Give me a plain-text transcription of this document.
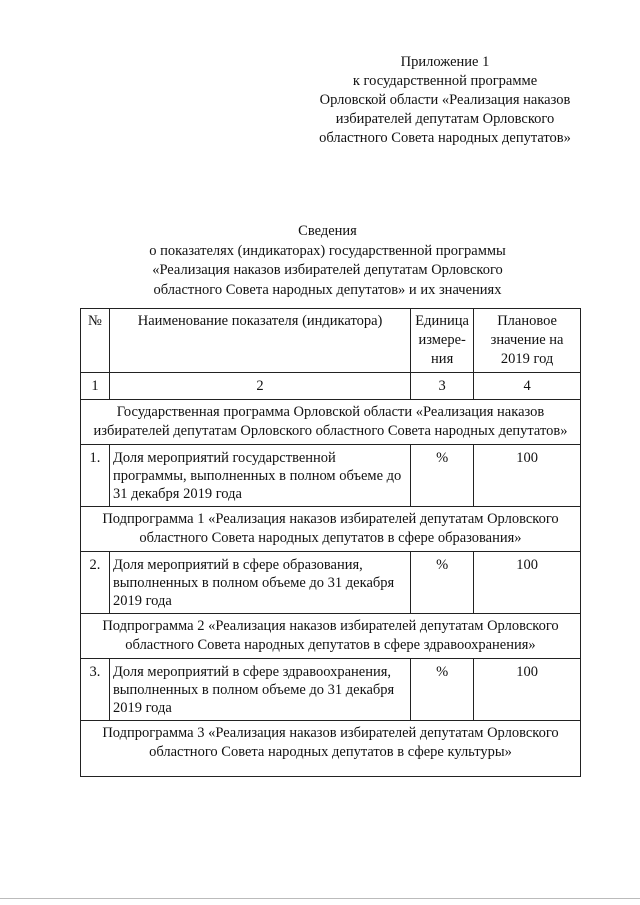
Приложение 1
к государственной программе
Орловской области «Реализация наказов
избирателей депутатам Орловского
областного Совета народных депутатов»
Сведения
о показателях (индикаторах) государственной программы
«Реализация наказов избирателей депутатам Орловского
областного Совета народных депутатов» и их значениях
№	Наименование показателя (индикатора)	Единица измере-ния	Плановое значение на 2019 год
1	2	3	4
Государственная программа Орловской области «Реализация наказов избирателей депутатам Орловского областного Совета народных депутатов»			
1.	Доля мероприятий государственной программы, выполненных в полном объеме до 31 декабря 2019 года	%	100
Подпрограмма 1 «Реализация наказов избирателей депутатам Орловского областного Совета народных депутатов в сфере образования»			
2.	Доля мероприятий в сфере образования, выполненных в полном объеме до 31 декабря 2019 года	%	100
Подпрограмма 2 «Реализация наказов избирателей депутатам Орловского областного Совета народных депутатов в сфере здравоохранения»			
3.	Доля мероприятий в сфере здравоохранения, выполненных в полном объеме до 31 декабря 2019 года	%	100
Подпрограмма 3 «Реализация наказов избирателей депутатам Орловского областного Совета народных депутатов в сфере культуры»			
